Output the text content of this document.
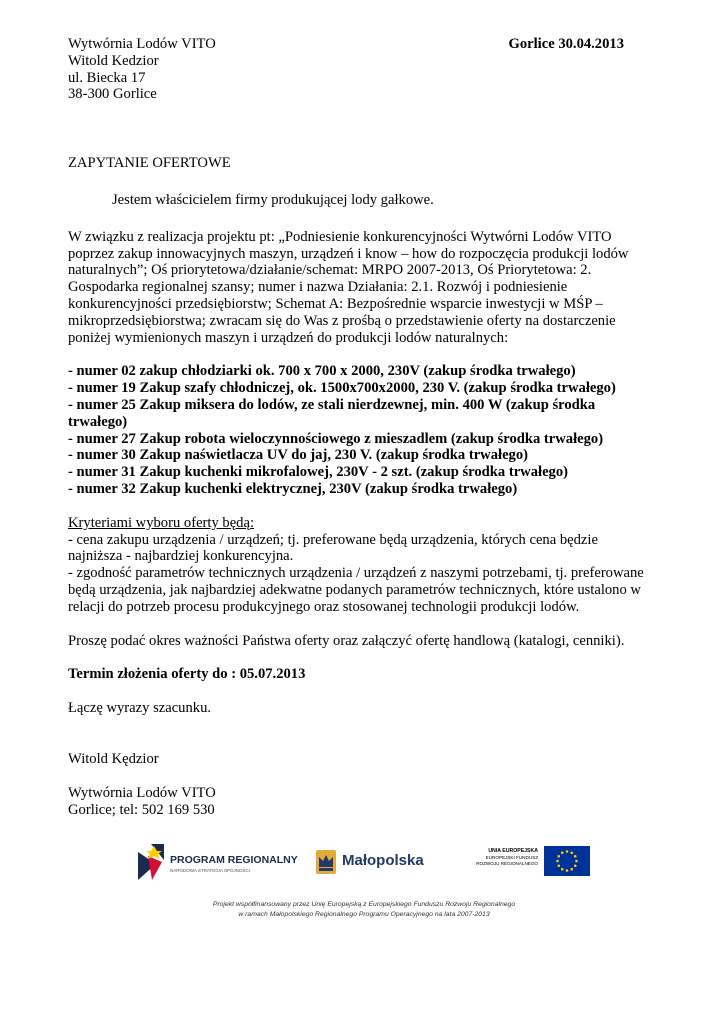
Wytwórnia Lodów VITO
Witold Kedzior
ul. Biecka 17
38-300 Gorlice
Gorlice 30.04.2013
ZAPYTANIE OFERTOWE
Jestem właścicielem firmy produkującej lody gałkowe.
W związku z realizacja projektu pt: „Podniesienie konkurencyjności Wytwórni Lodów VITO
poprzez zakup innowacyjnych maszyn, urządzeń i know – how do rozpoczęcia produkcji lodów
naturalnych”; Oś priorytetowa/działanie/schemat: MRPO 2007-2013, Oś Priorytetowa: 2.
Gospodarka regionalnej szansy; numer i nazwa Działania: 2.1. Rozwój i podniesienie
konkurencyjności przedsiębiorstw; Schemat A: Bezpośrednie wsparcie inwestycji w MŚP –
mikroprzedsiębiorstwa; zwracam się do Was z prośbą o przedstawienie oferty na dostarczenie
poniżej wymienionych maszyn i urządzeń do produkcji lodów naturalnych:
- numer 02 zakup chłodziarki ok. 700 x 700 x 2000, 230V (zakup środka trwałego)
- numer 19 Zakup szafy chłodniczej, ok. 1500x700x2000, 230 V. (zakup środka trwałego)
- numer 25 Zakup miksera do lodów, ze stali nierdzewnej, min. 400 W (zakup środka
trwałego)
- numer 27 Zakup robota wieloczynnościowego z mieszadlem (zakup środka trwałego)
- numer 30 Zakup naświetlacza UV do jaj, 230 V. (zakup środka trwałego)
- numer 31 Zakup kuchenki mikrofalowej, 230V - 2 szt. (zakup środka trwałego)
- numer 32 Zakup kuchenki elektrycznej, 230V (zakup środka trwałego)
Kryteriami wyboru oferty będą:
- cena zakupu urządzenia / urządzeń; tj. preferowane będą urządzenia, których cena będzie
najniższa - najbardziej konkurencyjna.
- zgodność parametrów technicznych urządzenia / urządzeń z naszymi potrzebami, tj. preferowane
będą urządzenia, jak najbardziej adekwatne podanych parametrów technicznych, które ustalono w
relacji do potrzeb procesu produkcyjnego oraz stosowanej technologii produkcji lodów.
Proszę podać okres ważności Państwa oferty oraz załączyć ofertę handlową (katalogi, cenniki).
Termin złożenia oferty do : 05.07.2013
Łączę wyrazy szacunku.
Witold Kędzior
Wytwórnia Lodów VITO
Gorlice; tel: 502 169 530
PROGRAM REGIONALNY
NARODOWA STRATEGIA SPÓJNOŚCI
Małopolska
UNIA EUROPEJSKA
EUROPEJSKI FUNDUSZ
ROZWOJU REGIONALNEGO
Projekt współfinansowany przez Unię Europejską z Europejskiego Funduszu Rozwoju Regionalnego
w ramach Małopolskiego Regionalnego Programu Operacyjnego na lata 2007-2013
